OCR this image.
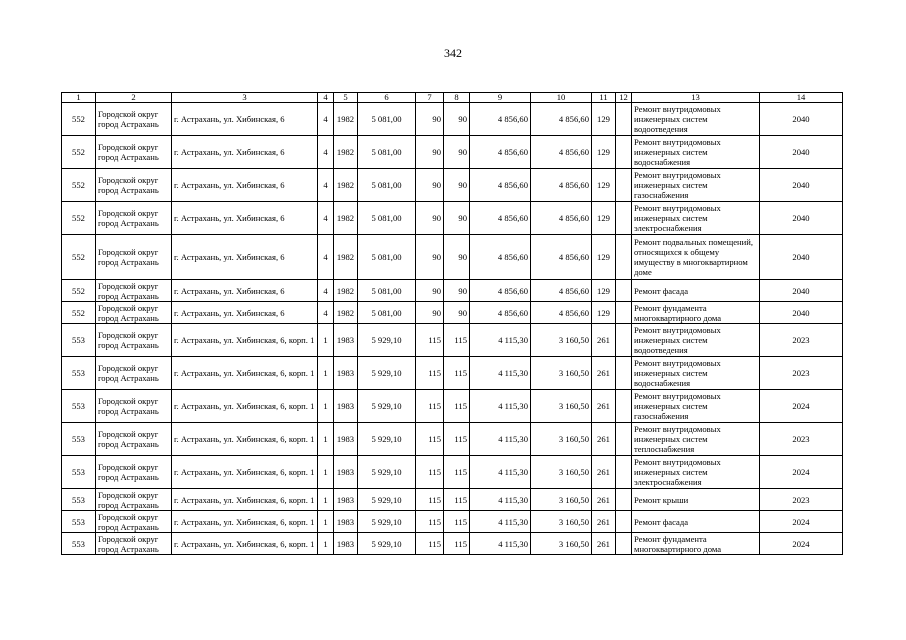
342
1	2	3	4	5	6	7	8	9	10	11	12	13	14
552	Городской округ город Астрахань	г. Астрахань, ул. Хибинская, 6	4	1982	5 081,00	90	90	4 856,60	4 856,60	129		Ремонт внутридомовых инженерных систем водоотведения	2040
552	Городской округ город Астрахань	г. Астрахань, ул. Хибинская, 6	4	1982	5 081,00	90	90	4 856,60	4 856,60	129		Ремонт внутридомовых инженерных систем водоснабжения	2040
552	Городской округ город Астрахань	г. Астрахань, ул. Хибинская, 6	4	1982	5 081,00	90	90	4 856,60	4 856,60	129		Ремонт внутридомовых инженерных систем газоснабжения	2040
552	Городской округ город Астрахань	г. Астрахань, ул. Хибинская, 6	4	1982	5 081,00	90	90	4 856,60	4 856,60	129		Ремонт внутридомовых инженерных систем электроснабжения	2040
552	Городской округ город Астрахань	г. Астрахань, ул. Хибинская, 6	4	1982	5 081,00	90	90	4 856,60	4 856,60	129		Ремонт подвальных помещений, относящихся к общему имуществу в многоквартирном доме	2040
552	Городской округ город Астрахань	г. Астрахань, ул. Хибинская, 6	4	1982	5 081,00	90	90	4 856,60	4 856,60	129		Ремонт фасада	2040
552	Городской округ город Астрахань	г. Астрахань, ул. Хибинская, 6	4	1982	5 081,00	90	90	4 856,60	4 856,60	129		Ремонт фундамента многоквартирного дома	2040
553	Городской округ город Астрахань	г. Астрахань, ул. Хибинская, 6, корп. 1	1	1983	5 929,10	115	115	4 115,30	3 160,50	261		Ремонт внутридомовых инженерных систем водоотведения	2023
553	Городской округ город Астрахань	г. Астрахань, ул. Хибинская, 6, корп. 1	1	1983	5 929,10	115	115	4 115,30	3 160,50	261		Ремонт внутридомовых инженерных систем водоснабжения	2023
553	Городской округ город Астрахань	г. Астрахань, ул. Хибинская, 6, корп. 1	1	1983	5 929,10	115	115	4 115,30	3 160,50	261		Ремонт внутридомовых инженерных систем газоснабжения	2024
553	Городской округ город Астрахань	г. Астрахань, ул. Хибинская, 6, корп. 1	1	1983	5 929,10	115	115	4 115,30	3 160,50	261		Ремонт внутридомовых инженерных систем теплоснабжения	2023
553	Городской округ город Астрахань	г. Астрахань, ул. Хибинская, 6, корп. 1	1	1983	5 929,10	115	115	4 115,30	3 160,50	261		Ремонт внутридомовых инженерных систем электроснабжения	2024
553	Городской округ город Астрахань	г. Астрахань, ул. Хибинская, 6, корп. 1	1	1983	5 929,10	115	115	4 115,30	3 160,50	261		Ремонт крыши	2023
553	Городской округ город Астрахань	г. Астрахань, ул. Хибинская, 6, корп. 1	1	1983	5 929,10	115	115	4 115,30	3 160,50	261		Ремонт фасада	2024
553	Городской округ город Астрахань	г. Астрахань, ул. Хибинская, 6, корп. 1	1	1983	5 929,10	115	115	4 115,30	3 160,50	261		Ремонт фундамента многоквартирного дома	2024
